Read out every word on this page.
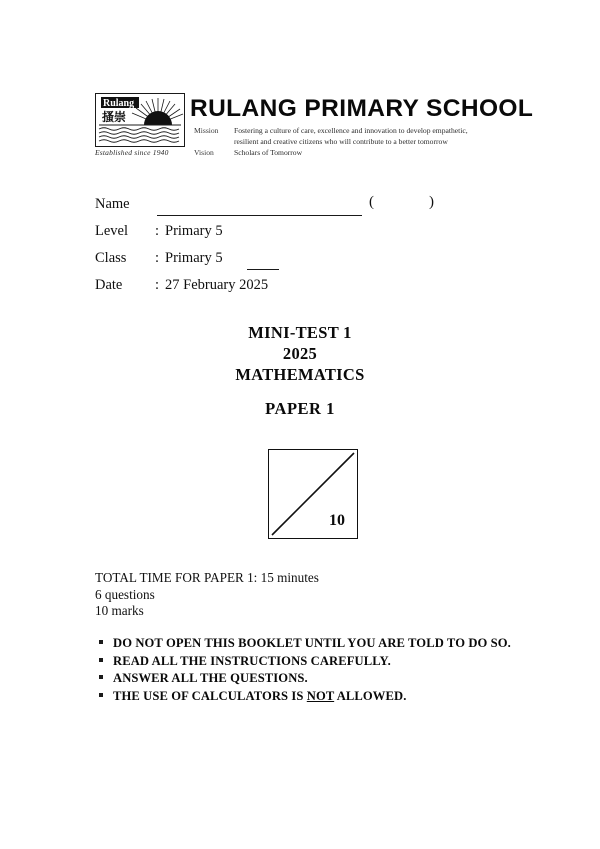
Rulang
搔崇
Established since 1940
RULANG PRIMARY SCHOOL
Mission	Fostering a culture of care, excellence and innovation to develop empathetic,
resilient and creative citizens who will contribute to a better tomorrow
Vision	Scholars of Tomorrow
Name	(	)
Level : Primary 5
Class : Primary 5
Date : 27 February 2025
MINI-TEST 1
2025
MATHEMATICS
PAPER 1
10
TOTAL TIME FOR PAPER 1: 15 minutes
6 questions
10 marks
DO NOT OPEN THIS BOOKLET UNTIL YOU ARE TOLD TO DO SO.
READ ALL THE INSTRUCTIONS CAREFULLY.
ANSWER ALL THE QUESTIONS.
THE USE OF CALCULATORS IS NOT ALLOWED.
